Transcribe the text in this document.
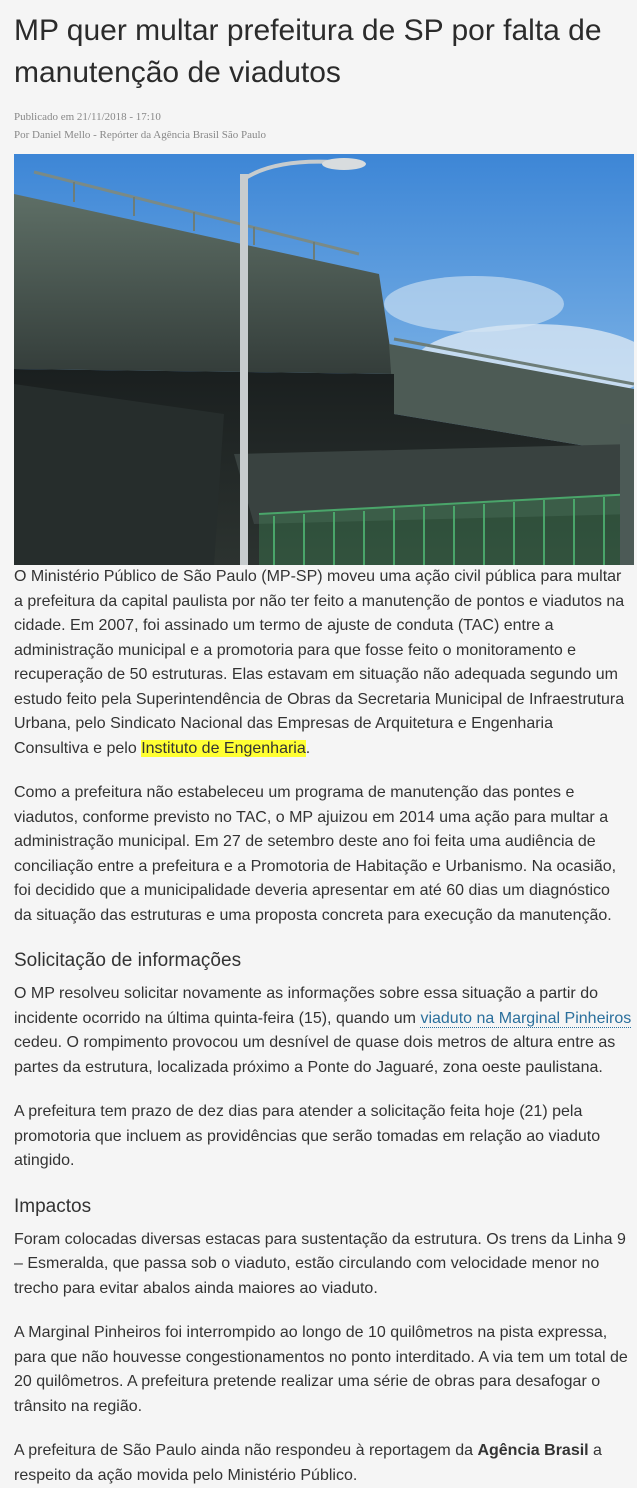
MP quer multar prefeitura de SP por falta de manutenção de viadutos
Publicado em 21/11/2018 - 17:10
Por Daniel Mello - Repórter da Agência Brasil São Paulo

O Ministério Público de São Paulo (MP-SP) moveu uma ação civil pública para multar a prefeitura da capital paulista por não ter feito a manutenção de pontos e viadutos na cidade. Em 2007, foi assinado um termo de ajuste de conduta (TAC) entre a administração municipal e a promotoria para que fosse feito o monitoramento e recuperação de 50 estruturas. Elas estavam em situação não adequada segundo um estudo feito pela Superintendência de Obras da Secretaria Municipal de Infraestrutura Urbana, pelo Sindicato Nacional das Empresas de Arquitetura e Engenharia Consultiva e pelo Instituto de Engenharia.

Como a prefeitura não estabeleceu um programa de manutenção das pontes e viadutos, conforme previsto no TAC, o MP ajuizou em 2014 uma ação para multar a administração municipal. Em 27 de setembro deste ano foi feita uma audiência de conciliação entre a prefeitura e a Promotoria de Habitação e Urbanismo. Na ocasião, foi decidido que a municipalidade deveria apresentar em até 60 dias um diagnóstico da situação das estruturas e uma proposta concreta para execução da manutenção.

Solicitação de informações

O MP resolveu solicitar novamente as informações sobre essa situação a partir do incidente ocorrido na última quinta-feira (15), quando um viaduto na Marginal Pinheiros cedeu. O rompimento provocou um desnível de quase dois metros de altura entre as partes da estrutura, localizada próximo a Ponte do Jaguaré, zona oeste paulistana.

A prefeitura tem prazo de dez dias para atender a solicitação feita hoje (21) pela promotoria que incluem as providências que serão tomadas em relação ao viaduto atingido.

Impactos

Foram colocadas diversas estacas para sustentação da estrutura. Os trens da Linha 9 – Esmeralda, que passa sob o viaduto, estão circulando com velocidade menor no trecho para evitar abalos ainda maiores ao viaduto.

A Marginal Pinheiros foi interrompido ao longo de 10 quilômetros na pista expressa, para que não houvesse congestionamentos no ponto interditado. A via tem um total de 20 quilômetros. A prefeitura pretende realizar uma série de obras para desafogar o trânsito na região.

A prefeitura de São Paulo ainda não respondeu à reportagem da Agência Brasil a respeito da ação movida pelo Ministério Público.
